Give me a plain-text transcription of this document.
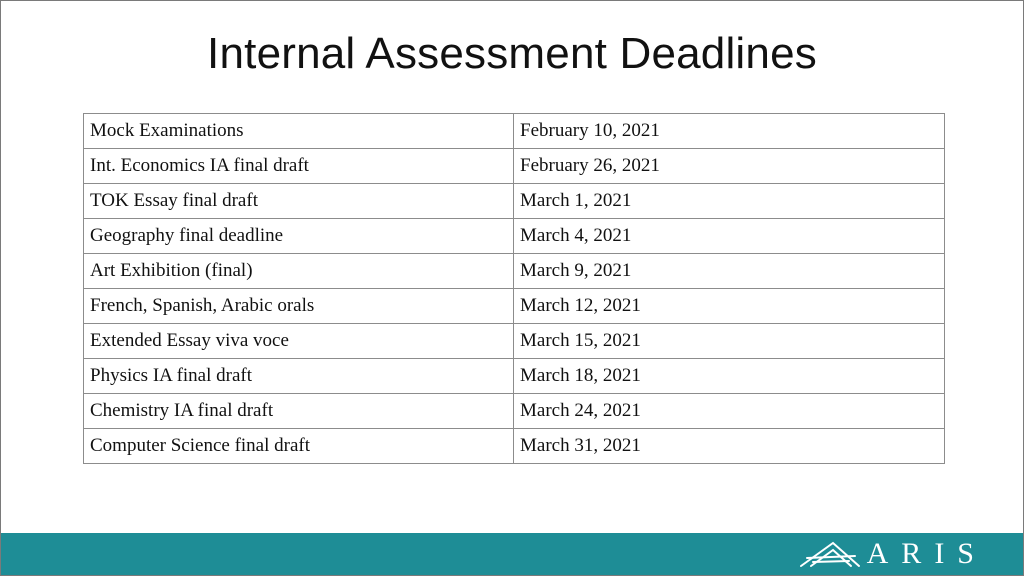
Internal Assessment Deadlines
Mock Examinations	February 10, 2021
Int. Economics IA final draft	February 26, 2021
TOK Essay final draft	March 1, 2021
Geography final deadline	March 4, 2021
Art Exhibition (final)	March 9, 2021
French, Spanish, Arabic orals	March 12, 2021
Extended Essay viva voce	March 15, 2021
Physics IA final draft	March 18, 2021
Chemistry IA final draft	March 24, 2021
Computer Science final draft	March 31, 2021
ARIS
